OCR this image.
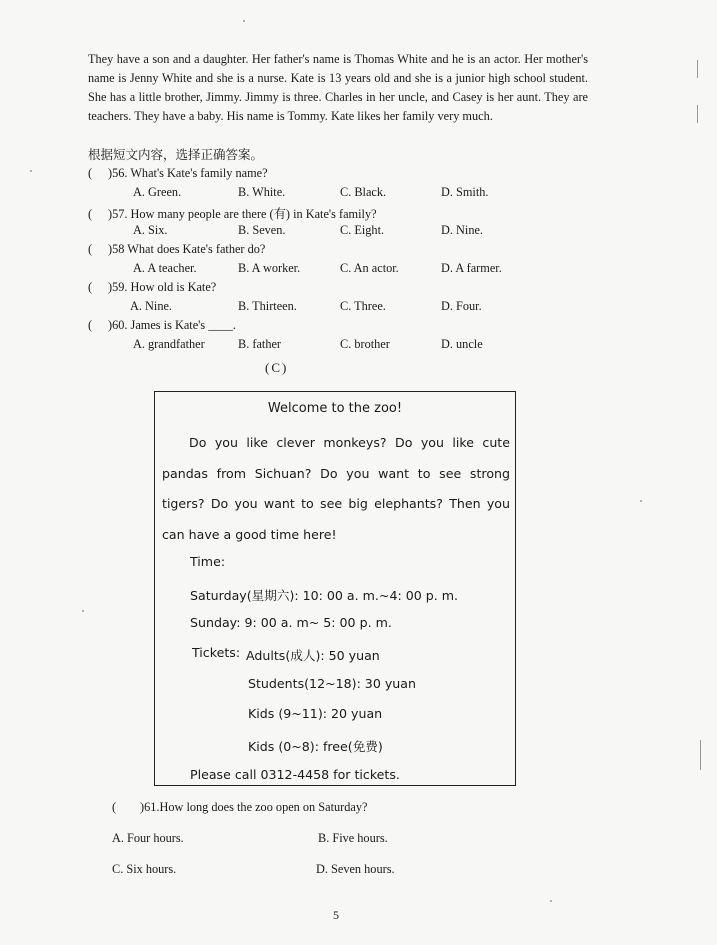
They have a son and a daughter. Her father's name is Thomas White and he is an actor. Her mother's name is Jenny White and she is a nurse. Kate is 13 years old and she is a junior high school student. She has a little brother, Jimmy. Jimmy is three. Charles in her uncle, and Casey is her aunt. They are teachers. They have a baby. His name is Tommy. Kate likes her family very much.

根据短文内容，选择正确答案。
( )56. What's Kate's family name?
A. Green.	B. White.	C. Black.	D. Smith.
( )57. How many people are there (有) in Kate's family?
A. Six.	B. Seven.	C. Eight.	D. Nine.
( )58 What does Kate's father do?
A. A teacher.	B. A worker.	C. An actor.	D. A farmer.
( )59. How old is Kate?
A. Nine.	B. Thirteen.	C. Three.	D. Four.
( )60. James is Kate's ____.
A. grandfather	B. father	C. brother	D. uncle
(C)
Welcome to the zoo!

Do you like clever monkeys? Do you like cute pandas from Sichuan? Do you want to see strong tigers? Do you want to see big elephants? Then you can have a good time here!

Time:
Saturday(星期六): 10: 00 a. m.~4: 00 p. m.
Sunday: 9: 00 a. m~ 5: 00 p. m.
Tickets: Adults(成人): 50 yuan
Students(12~18): 30 yuan
Kids (9~11): 20 yuan
Kids (0~8): free(免费)
Please call 0312-4458 for tickets.
( )61.How long does the zoo open on Saturday?
A. Four hours.	B. Five hours.
C. Six hours.	D. Seven hours.
5
